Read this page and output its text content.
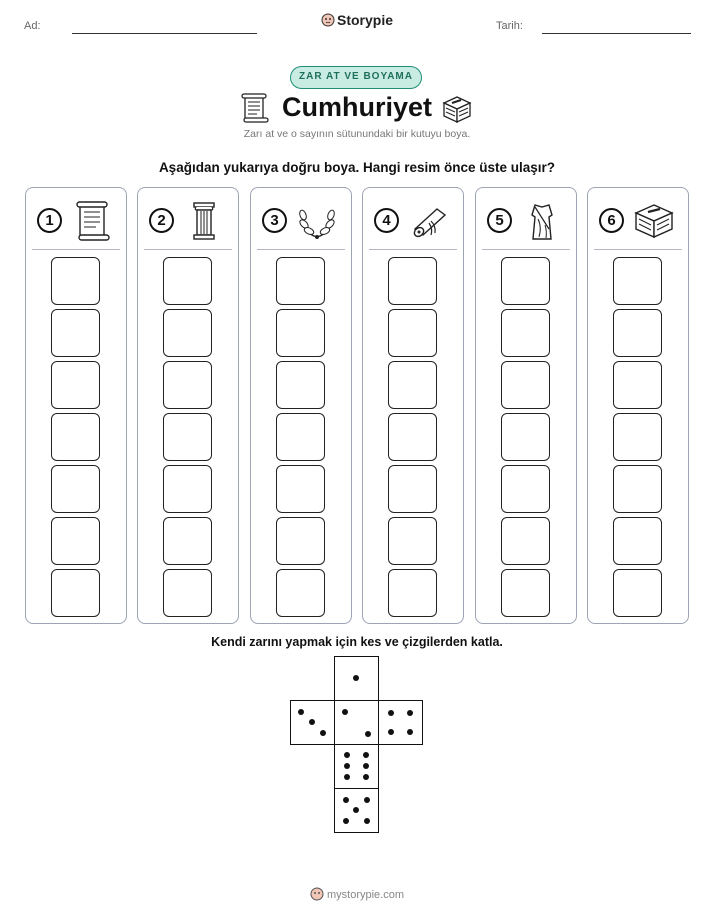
Ad:	Storypie	Tarih:
ZAR AT VE BOYAMA
Cumhuriyet
Zarı at ve o sayının sütunundaki bir kutuyu boya.
Aşağıdan yukarıya doğru boya. Hangi resim önce üste ulaşır?
1	2	3	4	5	6
Kendi zarını yapmak için kes ve çizgilerden katla.
mystorypie.com
